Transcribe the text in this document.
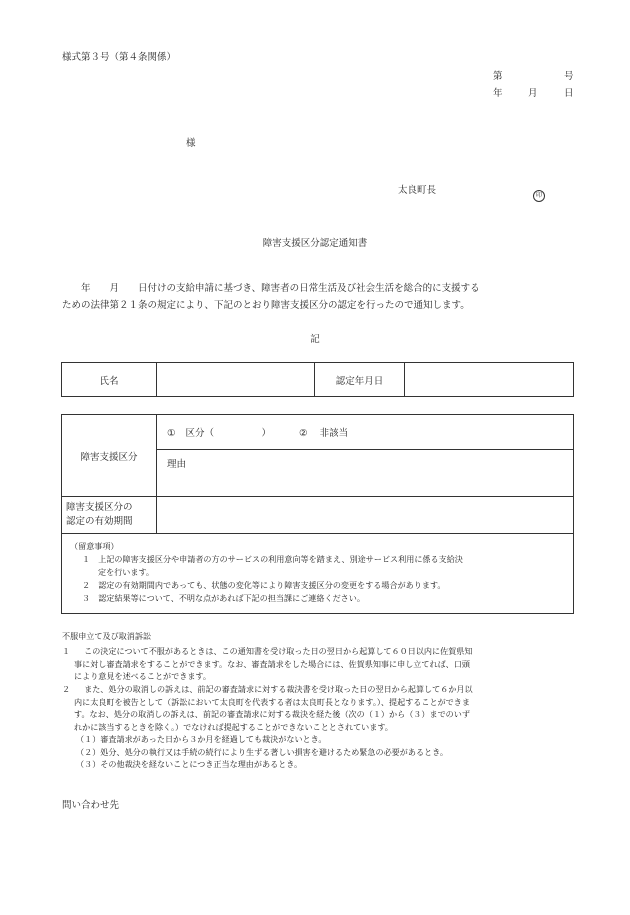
様式第３号（第４条関係）
第	号
年	月	日
様
太良町長	印
障害支援区分認定通知書
　　年　　月　　日付けの支給申請に基づき、障害者の日常生活及び社会生活を総合的に支援する
ための法律第２１条の規定により、下記のとおり障害支援区分の認定を行ったので通知します。
記
氏名		認定年月日	
障害支援区分	① 区分（　　　　　） ② 非該当
	理由

障害支援区分の
認定の有効期間	

（留意事項）
１　上記の障害支援区分や申請者の方のサービスの利用意向等を踏まえ、別途サービス利用に係る支給決
定を行います。
２　認定の有効期間内であっても、状態の変化等により障害支援区分の変更をする場合があります。
３　認定結果等について、不明な点があれば下記の担当課にご連絡ください。	
不服申立て及び取消訴訟
１ この決定について不服があるときは、この通知書を受け取った日の翌日から起算して６０日以内に佐賀県知
事に対し審査請求をすることができます。なお、審査請求をした場合には、佐賀県知事に申し立てれば、口頭
により意見を述べることができます。
２ また、処分の取消しの訴えは、前記の審査請求に対する裁決書を受け取った日の翌日から起算して６か月以
内に太良町を被告として（訴訟において太良町を代表する者は太良町長となります。）、提起することができま
す。なお、処分の取消しの訴えは、前記の審査請求に対する裁決を経た後（次の（１）から（３）までのいず
れかに該当するときを除く。）でなければ提起することができないこととされています。
（１）審査請求があった日から３か月を経過しても裁決がないとき。
（２）処分、処分の執行又は手続の続行により生ずる著しい損害を避けるため緊急の必要があるとき。
（３）その他裁決を経ないことにつき正当な理由があるとき。
問い合わせ先
